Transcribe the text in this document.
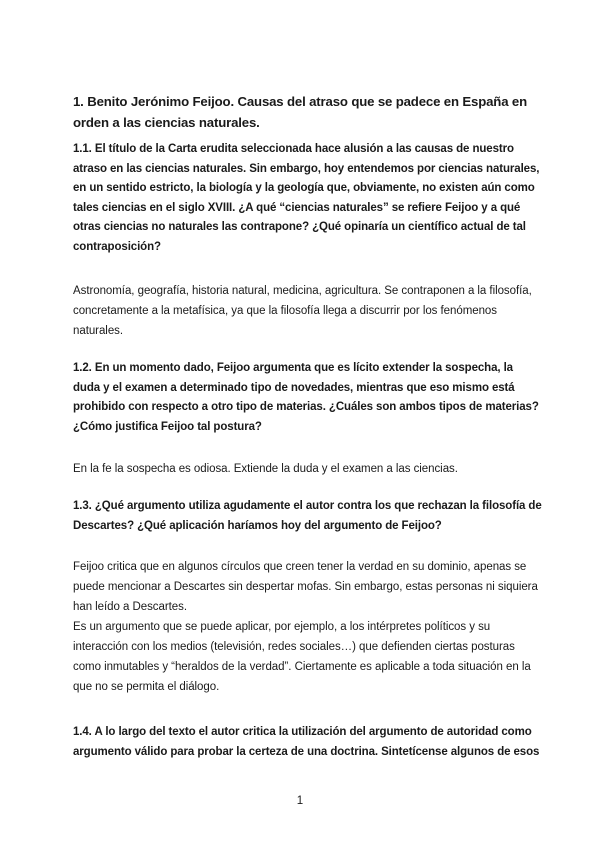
1. Benito Jerónimo Feijoo. Causas del atraso que se padece en España en orden a las ciencias naturales.
1.1. El título de la Carta erudita seleccionada hace alusión a las causas de nuestro atraso en las ciencias naturales. Sin embargo, hoy entendemos por ciencias naturales, en un sentido estricto, la biología y la geología que, obviamente, no existen aún como tales ciencias en el siglo XVIII. ¿A qué “ciencias naturales” se refiere Feijoo y a qué otras ciencias no naturales las contrapone? ¿Qué opinaría un científico actual de tal contraposición?

Astronomía, geografía, historia natural, medicina, agricultura. Se contraponen a la filosofía, concretamente a la metafísica, ya que la filosofía llega a discurrir por los fenómenos naturales.

1.2. En un momento dado, Feijoo argumenta que es lícito extender la sospecha, la duda y el examen a determinado tipo de novedades, mientras que eso mismo está prohibido con respecto a otro tipo de materias. ¿Cuáles son ambos tipos de materias? ¿Cómo justifica Feijoo tal postura?

En la fe la sospecha es odiosa. Extiende la duda y el examen a las ciencias.

1.3. ¿Qué argumento utiliza agudamente el autor contra los que rechazan la filosofía de Descartes? ¿Qué aplicación haríamos hoy del argumento de Feijoo?

Feijoo critica que en algunos círculos que creen tener la verdad en su dominio, apenas se puede mencionar a Descartes sin despertar mofas. Sin embargo, estas personas ni siquiera han leído a Descartes.

Es un argumento que se puede aplicar, por ejemplo, a los intérpretes políticos y su interacción con los medios (televisión, redes sociales…) que defienden ciertas posturas como inmutables y “heraldos de la verdad”. Ciertamente es aplicable a toda situación en la que no se permita el diálogo.

1.4. A lo largo del texto el autor critica la utilización del argumento de autoridad como argumento válido para probar la certeza de una doctrina. Sintetícense algunos de esos
1
